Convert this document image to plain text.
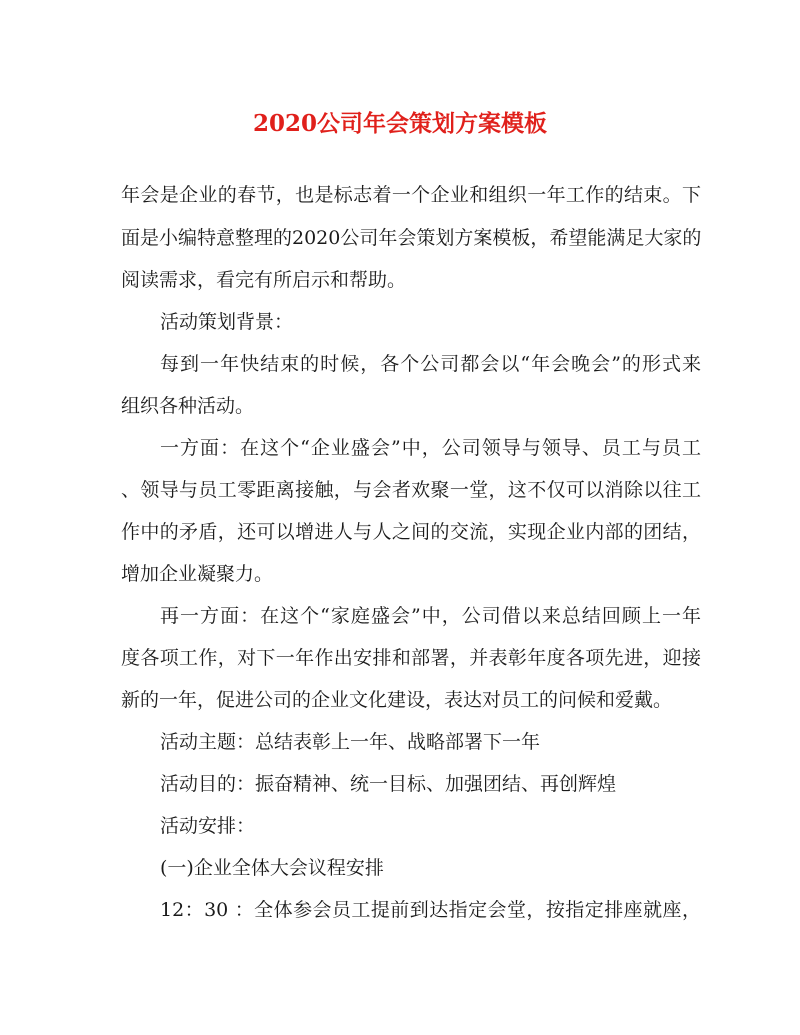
2020公司年会策划方案模板
年会是企业的春节，也是标志着一个企业和组织一年工作的结束。下
面是小编特意整理的2020公司年会策划方案模板，希望能满足大家的
阅读需求，看完有所启示和帮助。
活动策划背景：
每到一年快结束的时候，各个公司都会以“年会晚会”的形式来
组织各种活动。
一方面：在这个“企业盛会”中，公司领导与领导、员工与员工
、领导与员工零距离接触，与会者欢聚一堂，这不仅可以消除以往工
作中的矛盾，还可以增进人与人之间的交流，实现企业内部的团结，
增加企业凝聚力。
再一方面：在这个“家庭盛会”中，公司借以来总结回顾上一年
度各项工作，对下一年作出安排和部署，并表彰年度各项先进，迎接
新的一年，促进公司的企业文化建设，表达对员工的问候和爱戴。
活动主题：总结表彰上一年、战略部署下一年
活动目的：振奋精神、统一目标、加强团结、再创辉煌
活动安排：
(一)企业全体大会议程安排
12：30 ：全体参会员工提前到达指定会堂，按指定排座就座，
